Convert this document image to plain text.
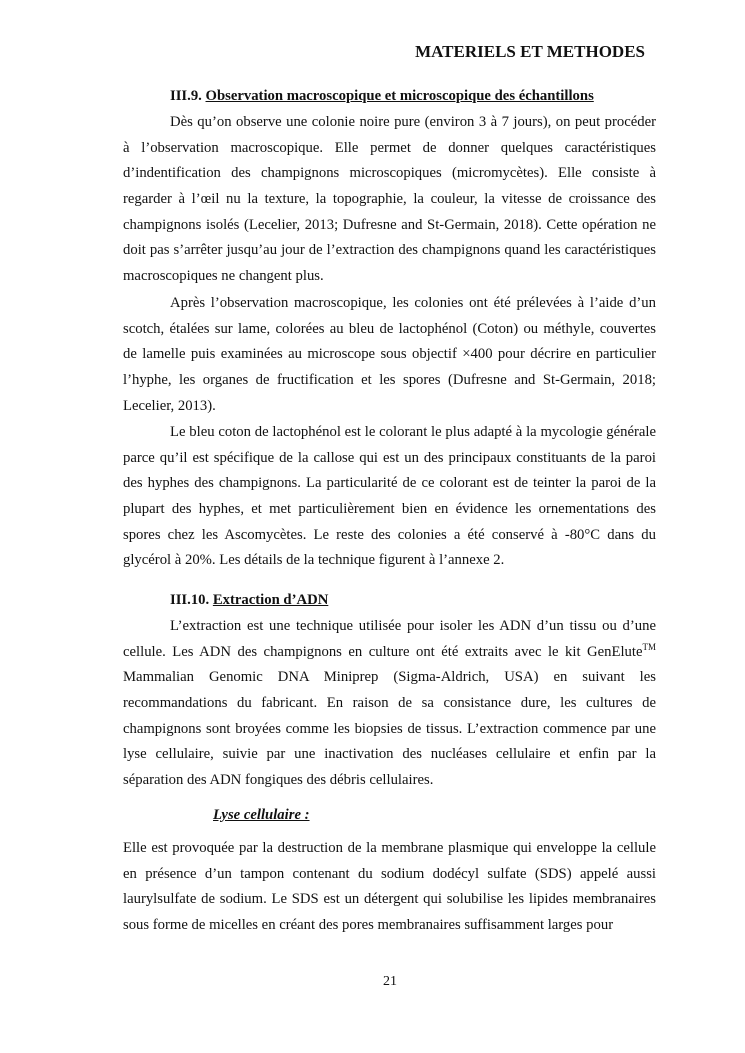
MATERIELS ET METHODES
III.9. Observation macroscopique et microscopique des échantillons
Dès qu’on observe une colonie noire pure (environ 3 à 7 jours), on peut procéder
à l’observation macroscopique. Elle permet de donner quelques caractéristiques
d’indentification des champignons microscopiques (micromycètes). Elle consiste à
regarder à l’œil nu la texture, la topographie, la couleur, la vitesse de croissance des
champignons isolés (Lecelier, 2013; Dufresne and St-Germain, 2018). Cette opération ne
doit pas s’arrêter jusqu’au jour de l’extraction des champignons quand les caractéristiques
macroscopiques ne changent plus.
Après l’observation macroscopique, les colonies ont été prélevées à l’aide d’un
scotch, étalées sur lame, colorées au bleu de lactophénol (Coton) ou méthyle, couvertes
de lamelle puis examinées au microscope sous objectif ×400 pour décrire en particulier
l’hyphe, les organes de fructification et les spores (Dufresne and St-Germain, 2018;
Lecelier, 2013).
Le bleu coton de lactophénol est le colorant le plus adapté à la mycologie générale
parce qu’il est spécifique de la callose qui est un des principaux constituants de la paroi
des hyphes des champignons. La particularité de ce colorant est de teinter la paroi de la
plupart des hyphes, et met particulièrement bien en évidence les ornementations des
spores chez les Ascomycètes. Le reste des colonies a été conservé à -80°C dans du
glycérol à 20%. Les détails de la technique figurent à l’annexe 2.
III.10. Extraction d’ADN
L’extraction est une technique utilisée pour isoler les ADN d’un tissu ou d’une
cellule. Les ADN des champignons en culture ont été extraits avec le kit GenElute™
Mammalian Genomic DNA Miniprep (Sigma-Aldrich, USA) en suivant les
recommandations du fabricant. En raison de sa consistance dure, les cultures de
champignons sont broyées comme les biopsies de tissus. L’extraction commence par une
lyse cellulaire, suivie par une inactivation des nucléases cellulaire et enfin par la
séparation des ADN fongiques des débris cellulaires.
Lyse cellulaire :
Elle est provoquée par la destruction de la membrane plasmique qui enveloppe la cellule
en présence d’un tampon contenant du sodium dodécyl sulfate (SDS) appelé aussi
laurylsulfate de sodium. Le SDS est un détergent qui solubilise les lipides membranaires
sous forme de micelles en créant des pores membranaires suffisamment larges pour
21
